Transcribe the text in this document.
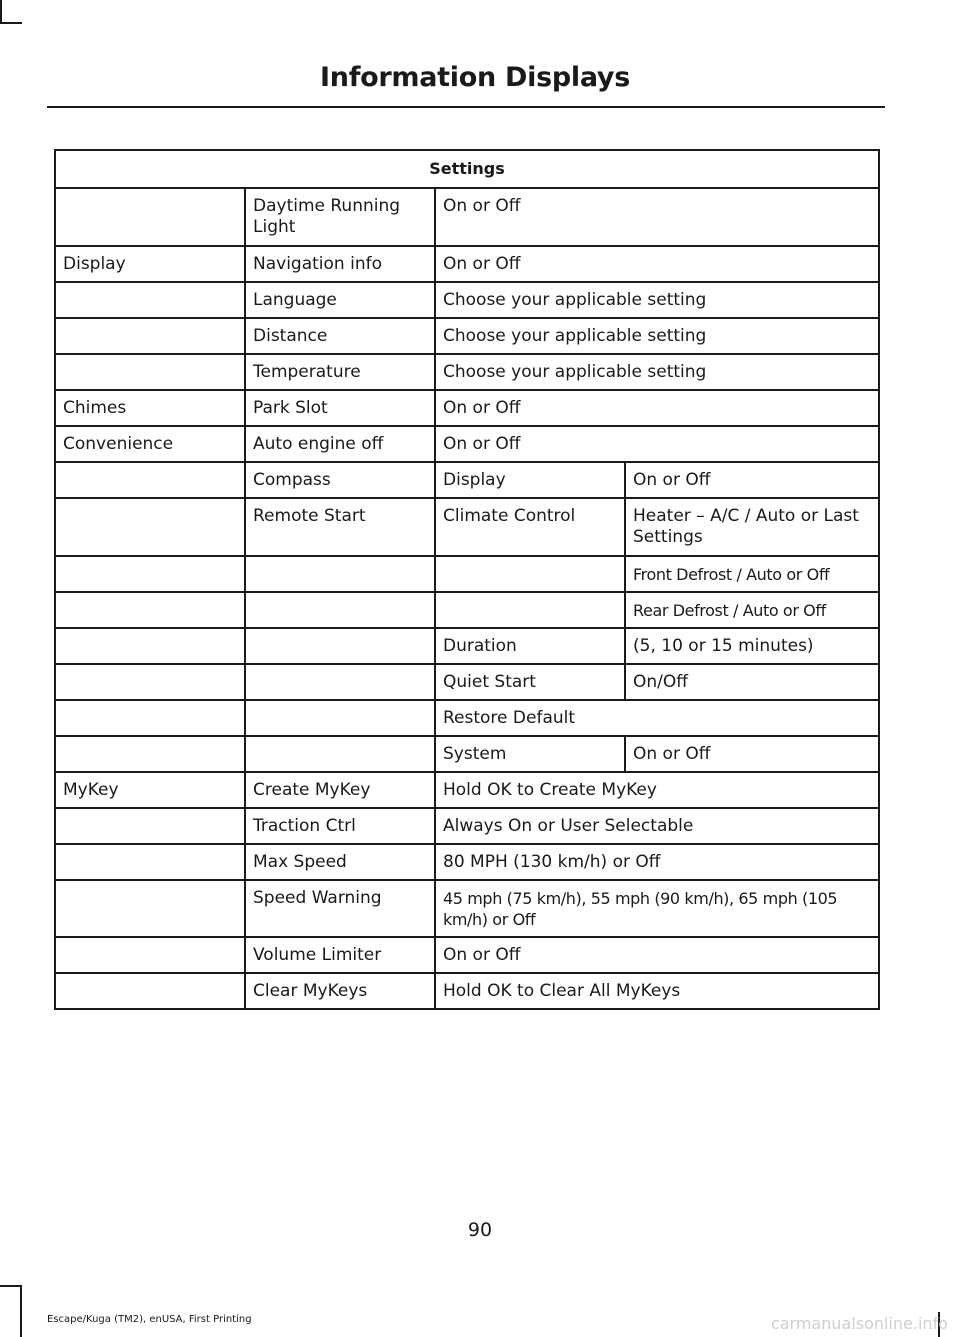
Information Displays
Settings			
	Daytime Running Light	On or Off	
Display	Navigation info	On or Off	
	Language	Choose your applicable setting	
	Distance	Choose your applicable setting	
	Temperature	Choose your applicable setting	
Chimes	Park Slot	On or Off	
Convenience	Auto engine off	On or Off	
	Compass	Display	On or Off
	Remote Start	Climate Control	Heater – A/C / Auto or Last Settings
			Front Defrost / Auto or Off
			Rear Defrost / Auto or Off
		Duration	(5, 10 or 15 minutes)
		Quiet Start	On/Off
		Restore Default	
		System	On or Off
MyKey	Create MyKey	Hold OK to Create MyKey	
	Traction Ctrl	Always On or User Selectable	
	Max Speed	80 MPH (130 km/h) or Off	
	Speed Warning	45 mph (75 km/h), 55 mph (90 km/h), 65 mph (105 km/h) or Off	
	Volume Limiter	On or Off	
	Clear MyKeys	Hold OK to Clear All MyKeys	
90
Escape/Kuga (TM2), enUSA, First Printing	carmanualsonline.info
